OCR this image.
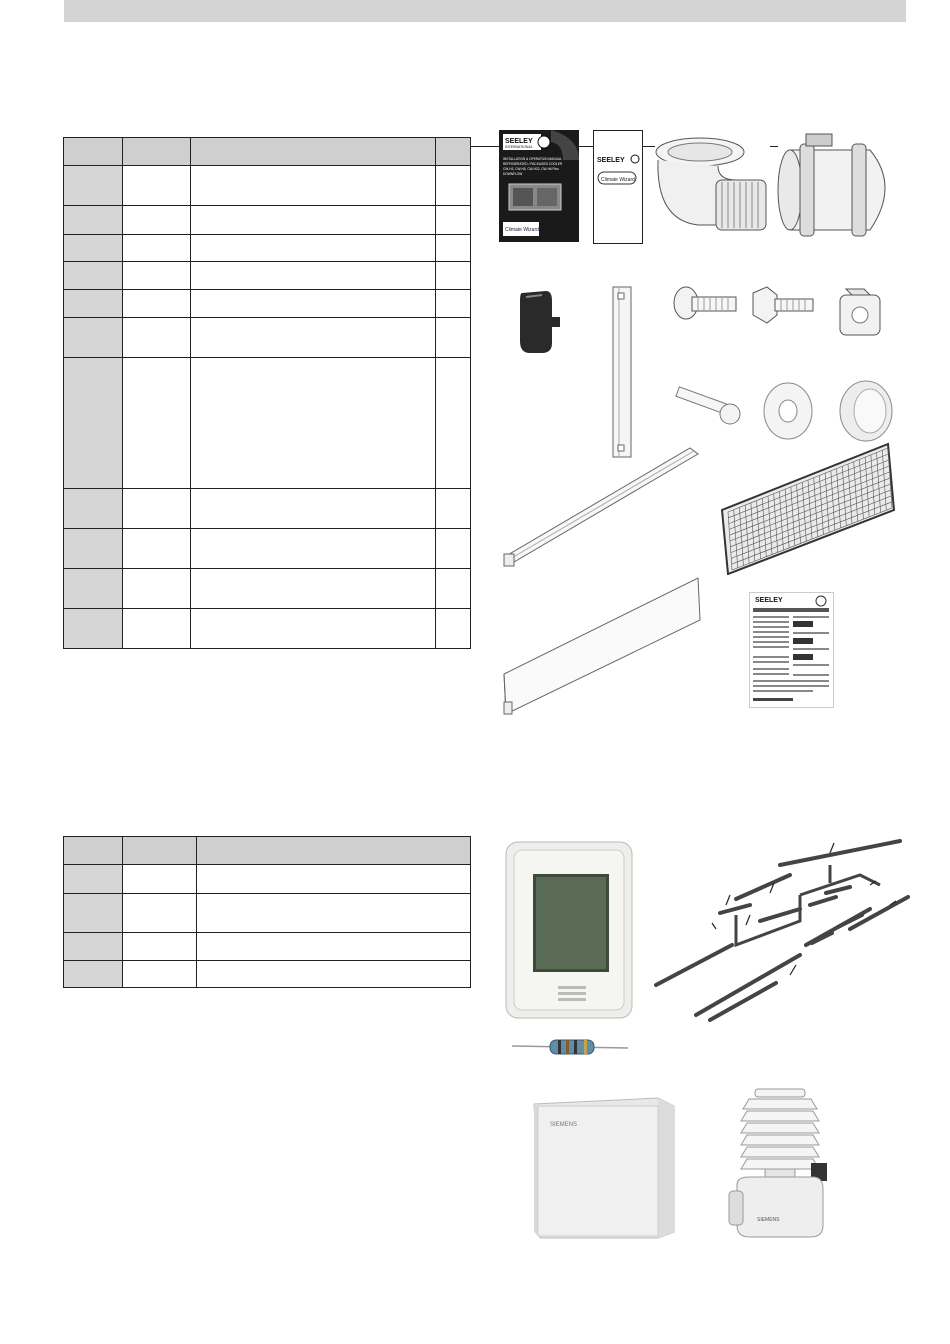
SEELEY
INTERNATIONAL
INSTALLATION & OPERATION MANUAL
REFRIGERATED / PACKAGED COOLER
CW-H3, CW-H5, CW-H32, CW-H6 Plus
DOWNFLOW
Climate Wizard
SEELEY
Climate Wizard
SEELEY

SIEMENS
SIEMENS
